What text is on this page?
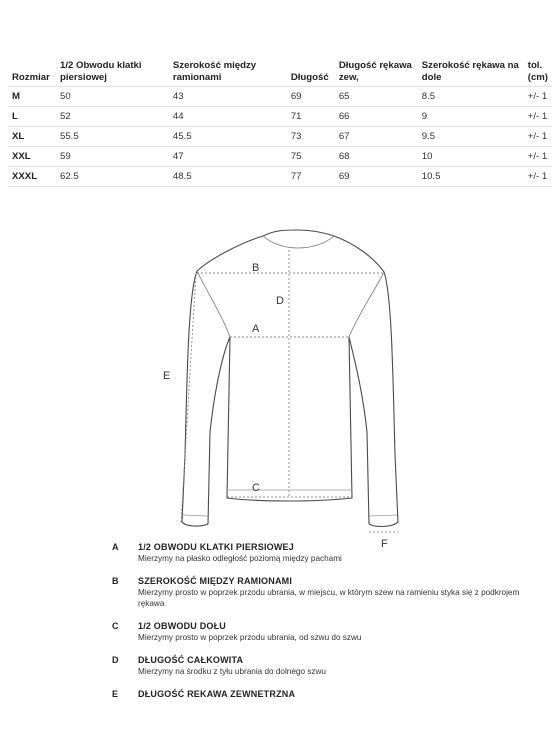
Rozmiar	1/2 Obwodu klatki piersiowej	Szerokość między ramionami	Długość	Długość rękawa zew,	Szerokość rękawa na dole	tol. (cm)
M	50	43	69	65	8.5	+/- 1
L	52	44	71	66	9	+/- 1
XL	55.5	45.5	73	67	9.5	+/- 1
XXL	59	47	75	68	10	+/- 1
XXXL	62.5	48.5	77	69	10.5	+/- 1
B
A
C
D
E
F
A 1/2 OBWODU KLATKI PIERSIOWEJ
Mierzymy na płasko odległość poziomą między pachami
B SZEROKOŚĆ MIĘDZY RAMIONAMI
Mierzymy prosto w poprzek przodu ubrania, w miejscu, w którym szew na ramieniu styka się z podkrojem rękawa
C 1/2 OBWODU DOŁU
Mierzymy prosto w poprzek przodu ubrania, od szwu do szwu
D DŁUGOŚĆ CAŁKOWITA
Mierzymy na środku z tyłu ubrania do dolnego szwu
E DŁUGOŚĆ REKAWA ZEWNETRZNA
